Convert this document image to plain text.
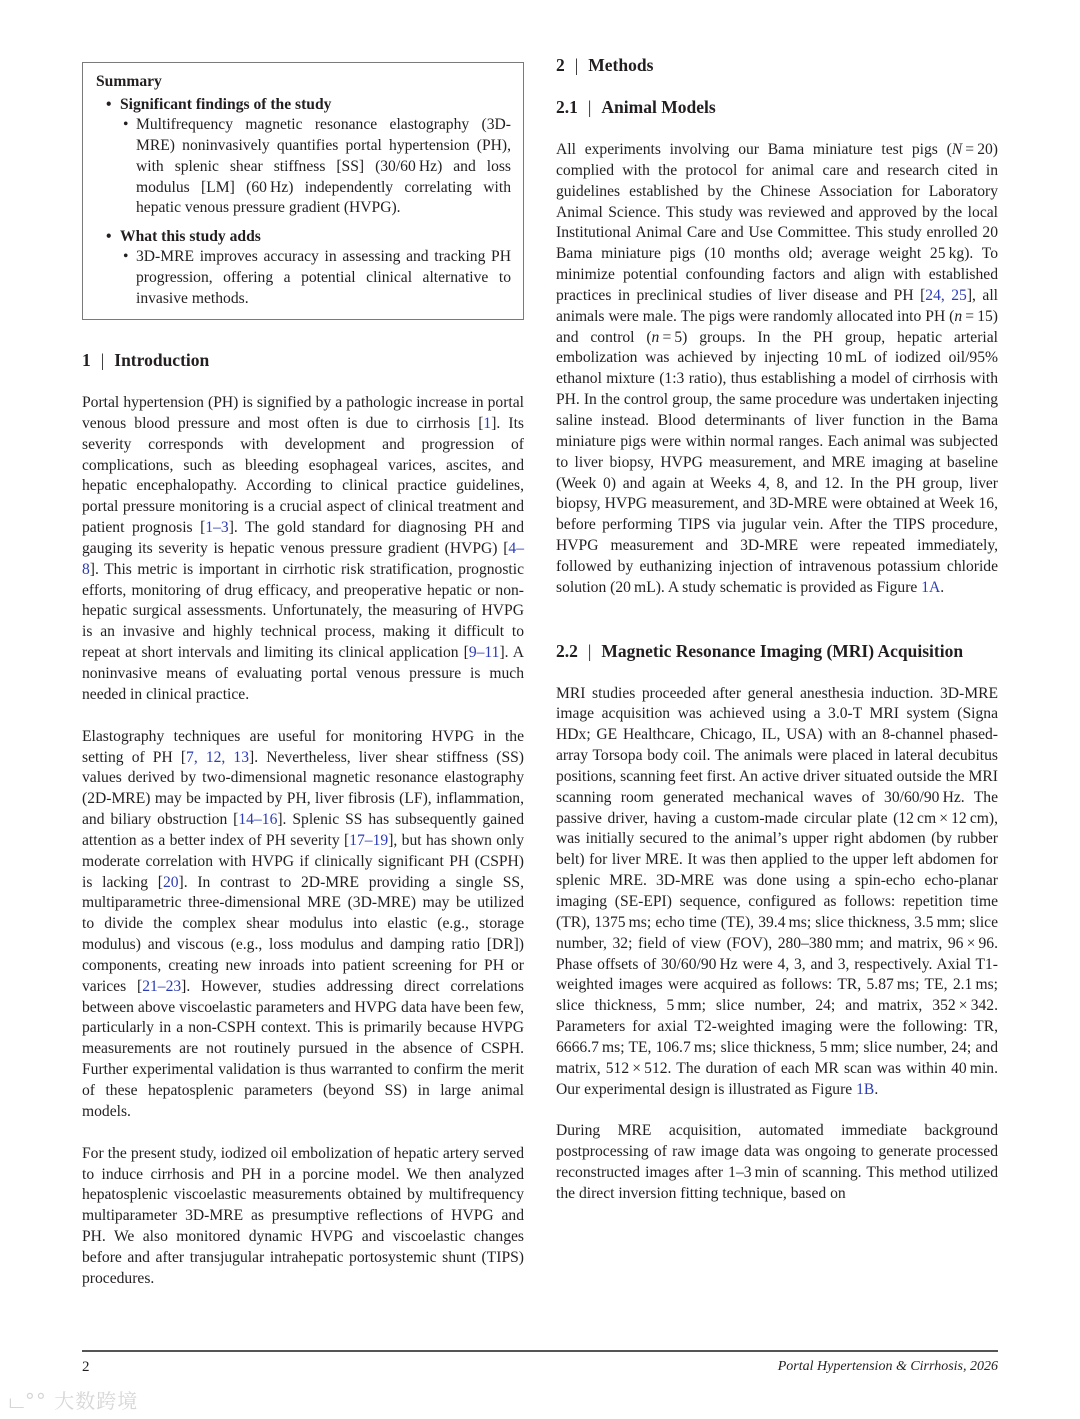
Summary
• Significant findings of the study

• Multifrequency magnetic resonance elastography (3D-MRE) noninvasively quantifies portal hypertension (PH), with splenic shear stiffness [SS] (30/​60 Hz) and loss modulus [LM] (60 Hz) independently correlating with hepatic venous pressure gradient (HVPG).

• What this study adds

• 3D-MRE improves accuracy in assessing and tracking PH progression, offering a potential clinical alternative to invasive methods.

1 | Introduction

Portal hypertension (PH) is signified by a pathologic increase in portal venous blood pressure and most often is due to cirrhosis [1]. Its severity corresponds with development and progression of complications, such as bleeding esophageal varices, ascites, and hepatic encephalopathy. According to clinical practice guidelines, portal pressure monitoring is a crucial aspect of clinical treatment and patient prognosis [1–3]. The gold standard for diagnosing PH and gauging its severity is hepatic venous pressure gradient (HVPG) [4–8]. This metric is important in cirrhotic risk stratification, prognostic efforts, monitoring of drug efficacy, and preoperative hepatic or non-hepatic surgical assessments. Unfortunately, the measuring of HVPG is an invasive and highly technical process, making it difficult to repeat at short intervals and limiting its clinical application [9–11]. A noninvasive means of evaluating portal venous pressure is much needed in clinical practice.

Elastography techniques are useful for monitoring HVPG in the setting of PH [7, 12, 13]. Nevertheless, liver shear stiffness (SS) values derived by two-dimensional magnetic resonance elastography (2D-MRE) may be impacted by PH, liver fibrosis (LF), inflammation, and biliary obstruction [14–16]. Splenic SS has subsequently gained attention as a better index of PH severity [17–19], but has shown only moderate correlation with HVPG if clinically significant PH (CSPH) is lacking [20]. In contrast to 2D-MRE providing a single SS, multiparametric three-dimensional MRE (3D-MRE) may be utilized to divide the complex shear modulus into elastic (e.g., storage modulus) and viscous (e.g., loss modulus and damping ratio [DR]) components, creating new inroads into patient screening for PH or varices [21–23]. However, studies addressing direct correlations between above viscoelastic parameters and HVPG data have been few, particularly in a non-CSPH context. This is primarily because HVPG measurements are not routinely pursued in the absence of CSPH. Further experimental validation is thus warranted to confirm the merit of these hepatosplenic parameters (beyond SS) in large animal models.

For the present study, iodized oil embolization of hepatic artery served to induce cirrhosis and PH in a porcine model. We then analyzed hepatosplenic viscoelastic measurements obtained by multifrequency multiparameter 3D-MRE as presumptive reflections of HVPG and PH. We also monitored dynamic HVPG and viscoelastic changes before and after transjugular intrahepatic portosystemic shunt (TIPS) procedures.

2 | Methods
2.1 | Animal Models

All experiments involving our Bama miniature test pigs (N = 20) complied with the protocol for animal care and research cited in guidelines established by the Chinese Association for Laboratory Animal Science. This study was reviewed and approved by the local Institutional Animal Care and Use Committee. This study enrolled 20 Bama miniature pigs (10 months old; average weight 25 kg). To minimize potential confounding factors and align with established practices in preclinical studies of liver disease and PH [24, 25], all animals were male. The pigs were randomly allocated into PH (n = 15) and control (n = 5) groups. In the PH group, hepatic arterial embolization was achieved by injecting 10 mL of iodized oil/​95% ethanol mixture (1:3 ratio), thus establishing a model of cirrhosis with PH. In the control group, the same procedure was undertaken injecting saline instead. Blood determinants of liver function in the Bama miniature pigs were within normal ranges. Each animal was subjected to liver biopsy, HVPG measurement, and MRE imaging at baseline (Week 0) and again at Weeks 4, 8, and 12. In the PH group, liver biopsy, HVPG measurement, and 3D-MRE were obtained at Week 16, before performing TIPS via jugular vein. After the TIPS procedure, HVPG measurement and 3D-MRE were repeated immediately, followed by euthanizing injection of intravenous potassium chloride solution (20 mL). A study schematic is provided as Figure 1A.

2.2 | Magnetic Resonance Imaging (MRI) Acquisition

MRI studies proceeded after general anesthesia induction. 3D-MRE image acquisition was achieved using a 3.0-T MRI system (Signa HDx; GE Healthcare, Chicago, IL, USA) with an 8-channel phased-array Torsopa body coil. The animals were placed in lateral decubitus positions, scanning feet first. An active driver situated outside the MRI scanning room generated mechanical waves of 30/60/90 Hz. The passive driver, having a custom-made circular plate (12 cm × 12 cm), was initially secured to the animal’s upper right abdomen (by rubber belt) for liver MRE. It was then applied to the upper left abdomen for splenic MRE. 3D-MRE was done using a spin-echo echo-planar imaging (SE-EPI) sequence, configured as follows: repetition time (TR), 1375 ms; echo time (TE), 39.4 ms; slice thickness, 3.5 mm; slice number, 32; field of view (FOV), 280–380 mm; and matrix, 96 × 96. Phase offsets of 30/60/90 Hz were 4, 3, and 3, respectively. Axial T1-weighted images were acquired as follows: TR, 5.87 ms; TE, 2.1 ms; slice thickness, 5 mm; slice number, 24; and matrix, 352 × 342. Parameters for axial T2-weighted imaging were the following: TR, 6666.7 ms; TE, 106.7 ms; slice thickness, 5 mm; slice number, 24; and matrix, 512 × 512. The duration of each MR scan was within 40 min. Our experimental design is illustrated as Figure 1B.

During MRE acquisition, automated immediate background postprocessing of raw image data was ongoing to generate processed reconstructed images after 1–3 min of scanning. This method utilized the direct inversion fitting technique, based on

2	Portal Hypertension & Cirrhosis, 2026
ட°° 大数跨境
